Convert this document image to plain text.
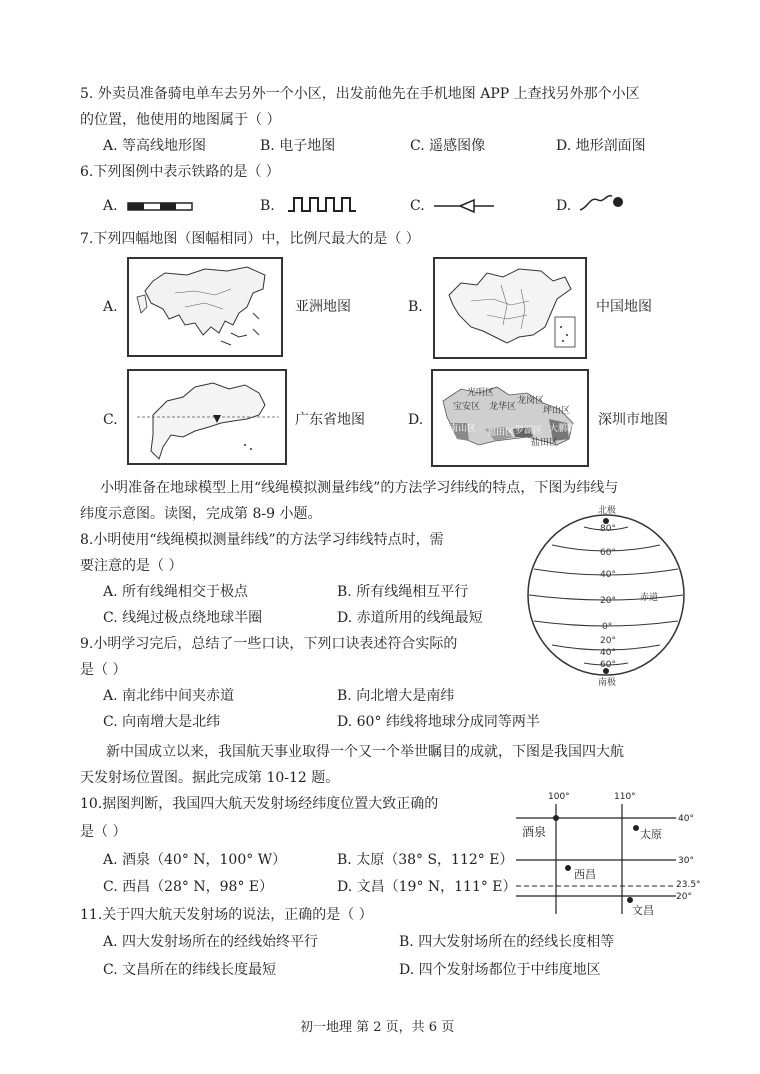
5. 外卖员准备骑电单车去另外一个小区，出发前他先在手机地图 APP 上查找另外那个小区
的位置，他使用的地图属于（ ）
A. 等高线地形图	B. 电子地图	C. 遥感图像	D. 地形剖面图
6.下列图例中表示铁路的是（ ）
A.	B.	C.	D.
7.下列四幅地图（图幅相同）中，比例尺最大的是（ ）
A.	亚洲地图	B.	中国地图
C.	广东省地图	D.
光明区
宝安区 龙华区
龙岗区
坪山区
南山区 福田区 罗湖区
盐田区
大鹏新区
深圳市地图
小明准备在地球模型上用“线绳模拟测量纬线”的方法学习纬线的特点，下图为纬线与
纬度示意图。读图，完成第 8-9 小题。
8.小明使用“线绳模拟测量纬线”的方法学习纬线特点时，需
要注意的是（ ）
A. 所有线绳相交于极点	B. 所有线绳相互平行
C. 线绳过极点绕地球半圈	D. 赤道所用的线绳最短
9.小明学习完后，总结了一些口诀，下列口诀表述符合实际的
是（ ）
A. 南北纬中间夹赤道	B. 向北增大是南纬
C. 向南增大是北纬	D. 60° 纬线将地球分成同等两半
北极
南极
赤道
80°
60°
40°
20°
0°
20°
40°
60°
新中国成立以来，我国航天事业取得一个又一个举世瞩目的成就，下图是我国四大航
天发射场位置图。据此完成第 10-12 题。
10.据图判断，我国四大航天发射场经纬度位置大致正确的
是（ ）
A. 酒泉（40° N，100° W）	B. 太原（38° S，112° E）
C. 西昌（28° N，98° E）	D. 文昌（19° N，111° E）
100°	110°
40°
30°
23.5°
20°
酒泉	太原
西昌
文昌
11.关于四大航天发射场的说法，正确的是（ ）
A. 四大发射场所在的经线始终平行	B. 四大发射场所在的经线长度相等
C. 文昌所在的纬线长度最短	D. 四个发射场都位于中纬度地区
初一地理 第 2 页，共 6 页
